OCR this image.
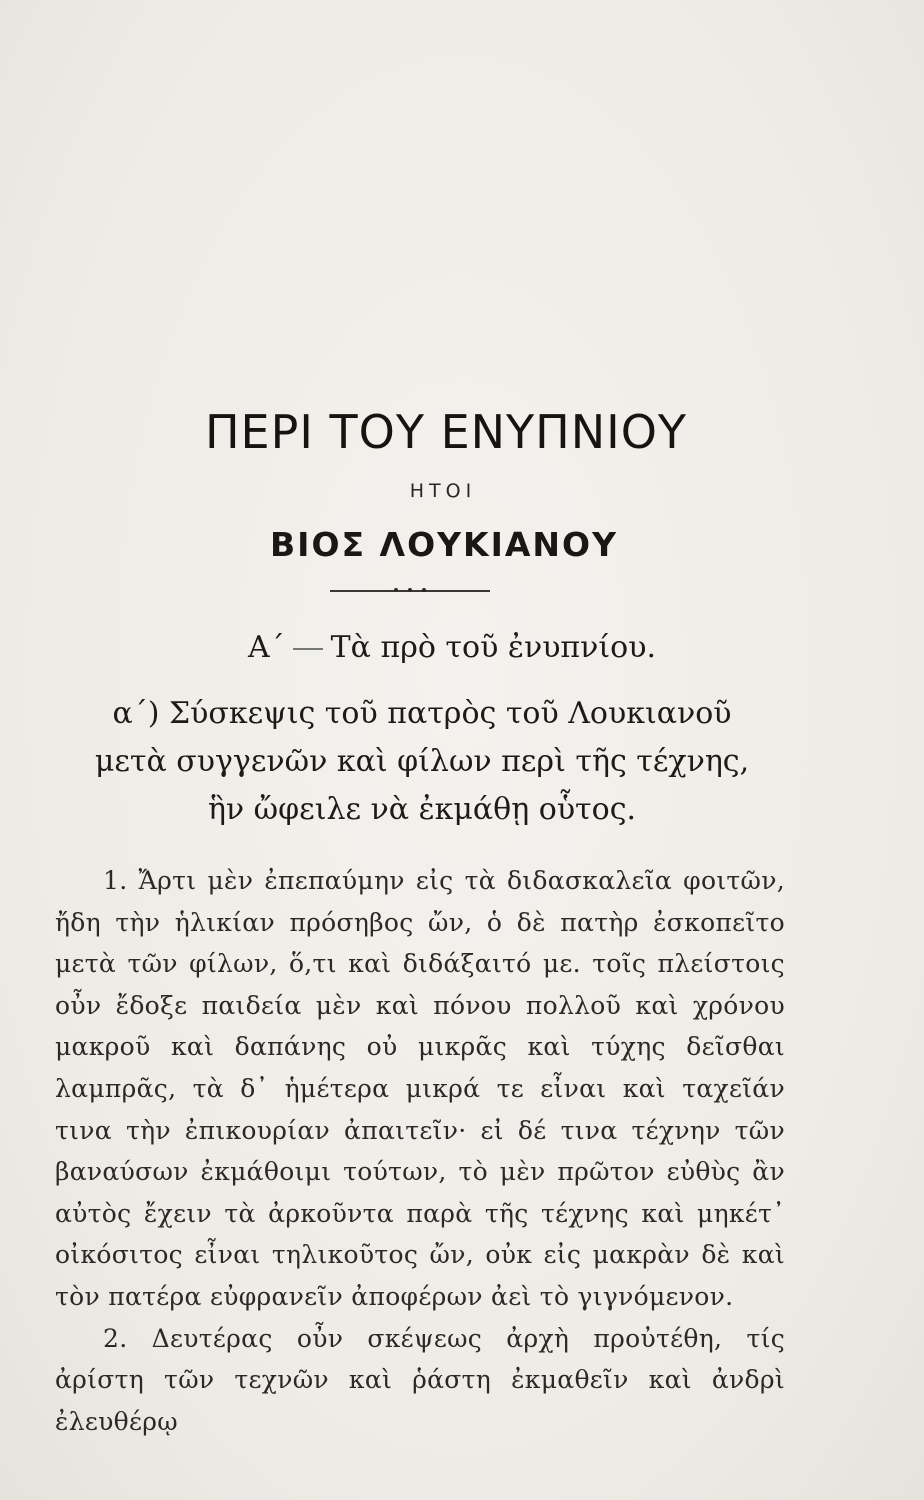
ΠΕΡΙ ΤΟΥ ΕΝΥΠΝΙΟΥ
ΗΤΟΙ
ΒΙΟΣ ΛΟΥΚΙΑΝΟΥ
Α΄ Τὰ πρὸ τοῦ ἐνυπνίου.
α΄) Σύσκεψις τοῦ πατρὸς τοῦ Λουκιανοῦ μετὰ συγγενῶν καὶ φίλων περὶ τῆς τέχνης, ἣν ὤφειλε νὰ ἐκμάθῃ οὗτος.

1. Ἄρτι μὲν ἐπεπαύμην εἰς τὰ διδασκαλεῖα φοιτῶν, ἤδη τὴν ἡλικίαν πρόσηβος ὤν, ὁ δὲ πατὴρ ἐσκοπεῖτο μετὰ τῶν φίλων, ὅ,τι καὶ διδάξαιτό με. τοῖς πλείστοις οὖν ἔδοξε παιδεία μὲν καὶ πόνου πολλοῦ καὶ χρόνου μακροῦ καὶ δαπάνης οὐ μικρᾶς καὶ τύχης δεῖσθαι λαμπρᾶς, τὰ δ᾽ ἡμέτερα μικρά τε εἶναι καὶ ταχεῖάν τινα τὴν ἐπικουρίαν ἀπαιτεῖν· εἰ δέ τινα τέχνην τῶν βαναύσων ἐκμάθοιμι τούτων, τὸ μὲν πρῶτον εὐθὺς ἂν αὐτὸς ἔχειν τὰ ἀρκοῦντα παρὰ τῆς τέχνης καὶ μηκέτ᾽ οἰκόσιτος εἶναι τηλικοῦτος ὤν, οὐκ εἰς μακρὰν δὲ καὶ τὸν πατέρα εὐφρανεῖν ἀποφέρων ἀεὶ τὸ γιγνόμενον.

2. Δευτέρας οὖν σκέψεως ἀρχὴ προὐτέθη, τίς ἀρίστη τῶν τεχνῶν καὶ ῥάστη ἐκμαθεῖν καὶ ἀνδρὶ ἐλευθέρῳ
